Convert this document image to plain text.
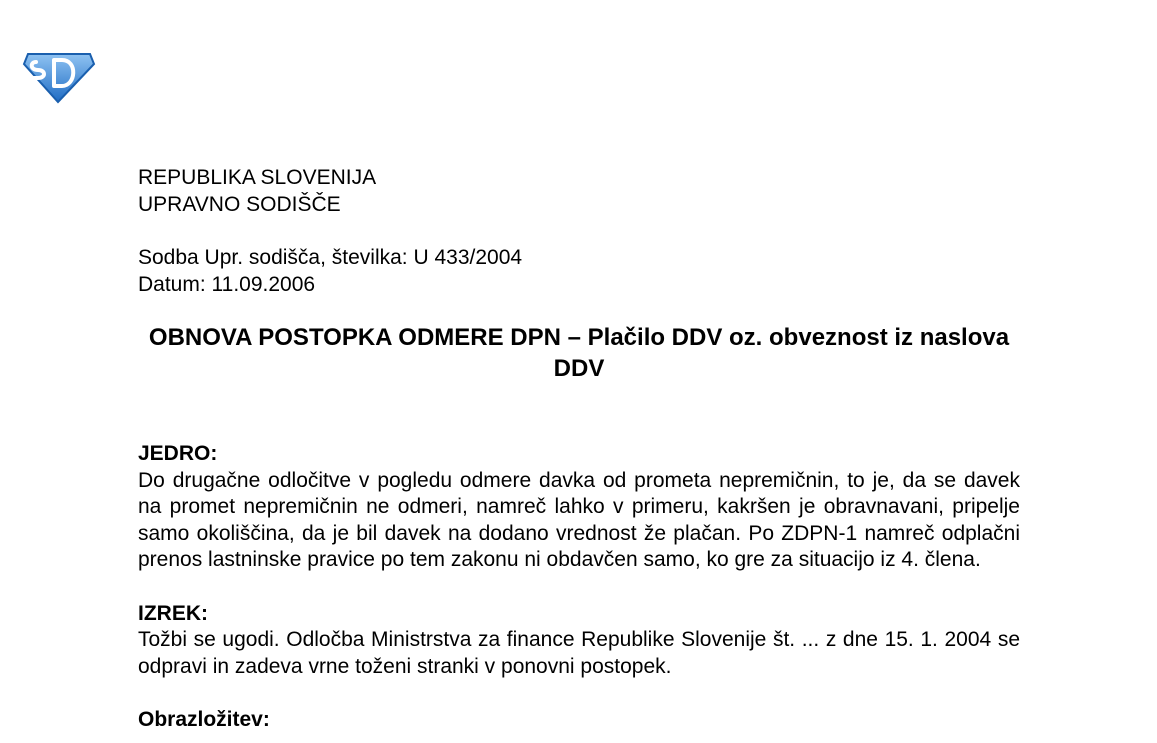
REPUBLIKA SLOVENIJA

UPRAVNO SODIŠČE

Sodba Upr. sodišča, številka: U 433/2004

Datum: 11.09.2006

OBNOVA POSTOPKA ODMERE DPN – Plačilo DDV oz. obveznost iz naslova DDV

JEDRO:

Do drugačne odločitve v pogledu odmere davka od prometa nepremičnin, to je, da se davek na promet nepremičnin ne odmeri, namreč lahko v primeru, kakršen je obravnavani, pripelje samo okoliščina, da je bil davek na dodano vrednost že plačan. Po ZDPN-1 namreč odplačni prenos lastninske pravice po tem zakonu ni obdavčen samo, ko gre za situacijo iz 4. člena.

IZREK:

Tožbi se ugodi. Odločba Ministrstva za finance Republike Slovenije št. ... z dne 15. 1. 2004 se odpravi in zadeva vrne toženi stranki v ponovni postopek.

Obrazložitev:
